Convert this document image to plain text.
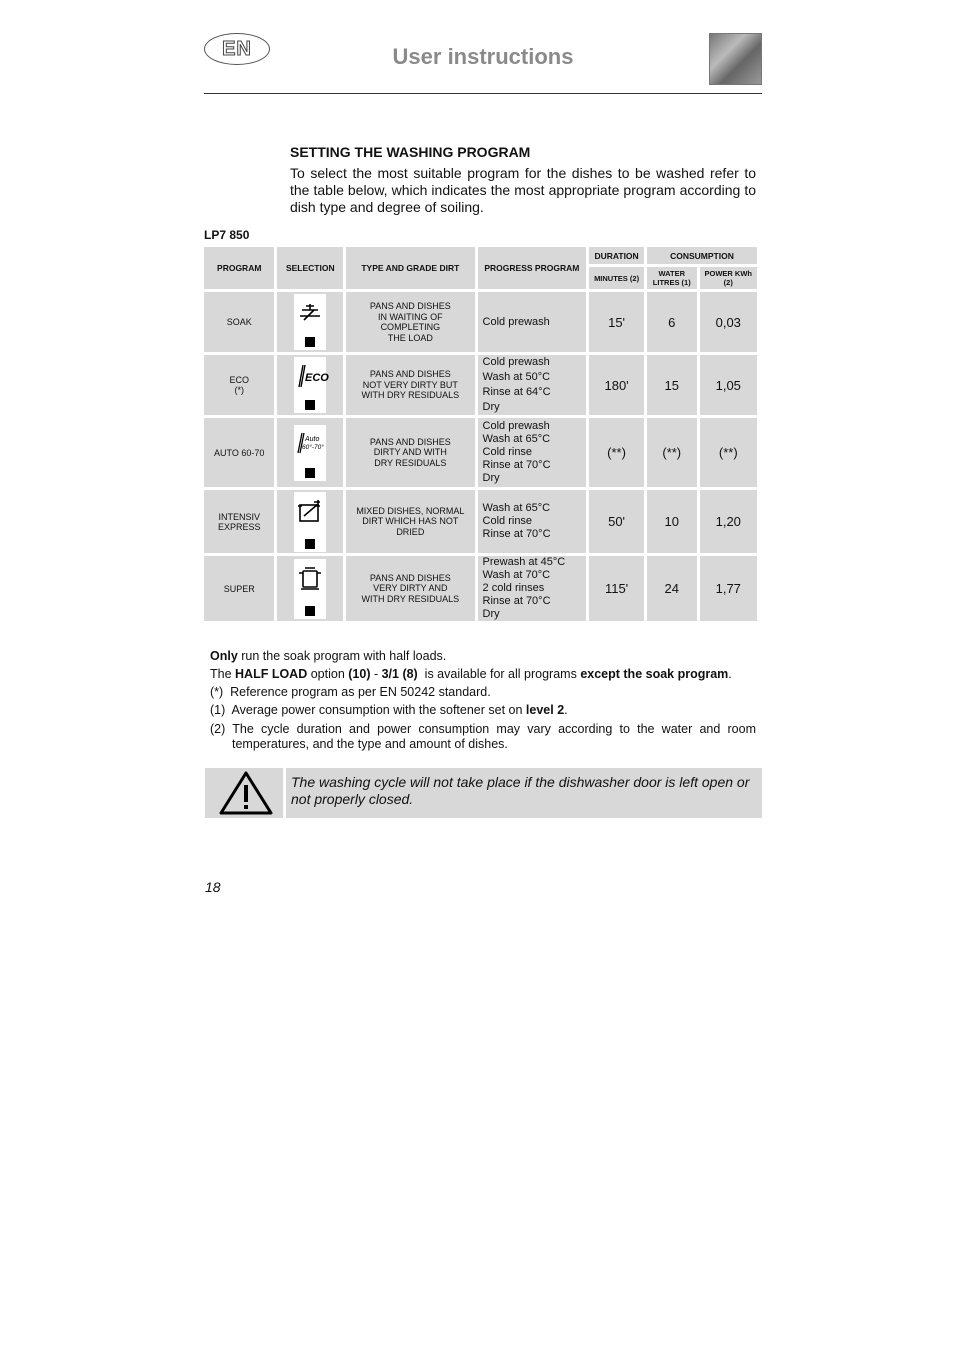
EN	User instructions
SETTING THE WASHING PROGRAM
To select the most suitable program for the dishes to be washed refer to the table below, which indicates the most appropriate program according to dish type and degree of soiling.
LP7 850
PROGRAM	SELECTION	TYPE AND GRADE DIRT	PROGRESS PROGRAM	DURATION	CONSUMPTION	
				MINUTES (2)	WATER LITRES (1)	POWER KWh (2)
SOAK		PANS AND DISHES
IN WAITING OF
COMPLETING
THE LOAD	Cold prewash	15'	6	0,03
ECO
(*)	ECO	PANS AND DISHES
NOT VERY DIRTY BUT
WITH DRY RESIDUALS	Cold prewash
Wash at 50°C
Rinse at 64°C
Dry	180'	15	1,05
AUTO 60-70	Auto
60°-70°	PANS AND DISHES
DIRTY AND WITH
DRY RESIDUALS	Cold prewash
Wash at 65°C
Cold rinse
Rinse at 70°C
Dry	(**)	(**)	(**)
INTENSIV
EXPRESS		MIXED DISHES, NORMAL
DIRT WHICH HAS NOT
DRIED	Wash at 65°C
Cold rinse
Rinse at 70°C	50'	10	1,20
SUPER		PANS AND DISHES
VERY DIRTY AND
WITH DRY RESIDUALS	Prewash at 45°C
Wash at 70°C
2 cold rinses
Rinse at 70°C
Dry	115'	24	1,77

Only run the soak program with half loads.

The HALF LOAD option (10) - 3/1 (8)  is available for all programs except the soak program.

(*)  Reference program as per EN 50242 standard.

(1)  Average power consumption with the softener set on level 2.

(2) The cycle duration and power consumption may vary according to the water and room temperatures, and the type and amount of dishes.

The washing cycle will not take place if the dishwasher door is left open or not properly closed.
18
